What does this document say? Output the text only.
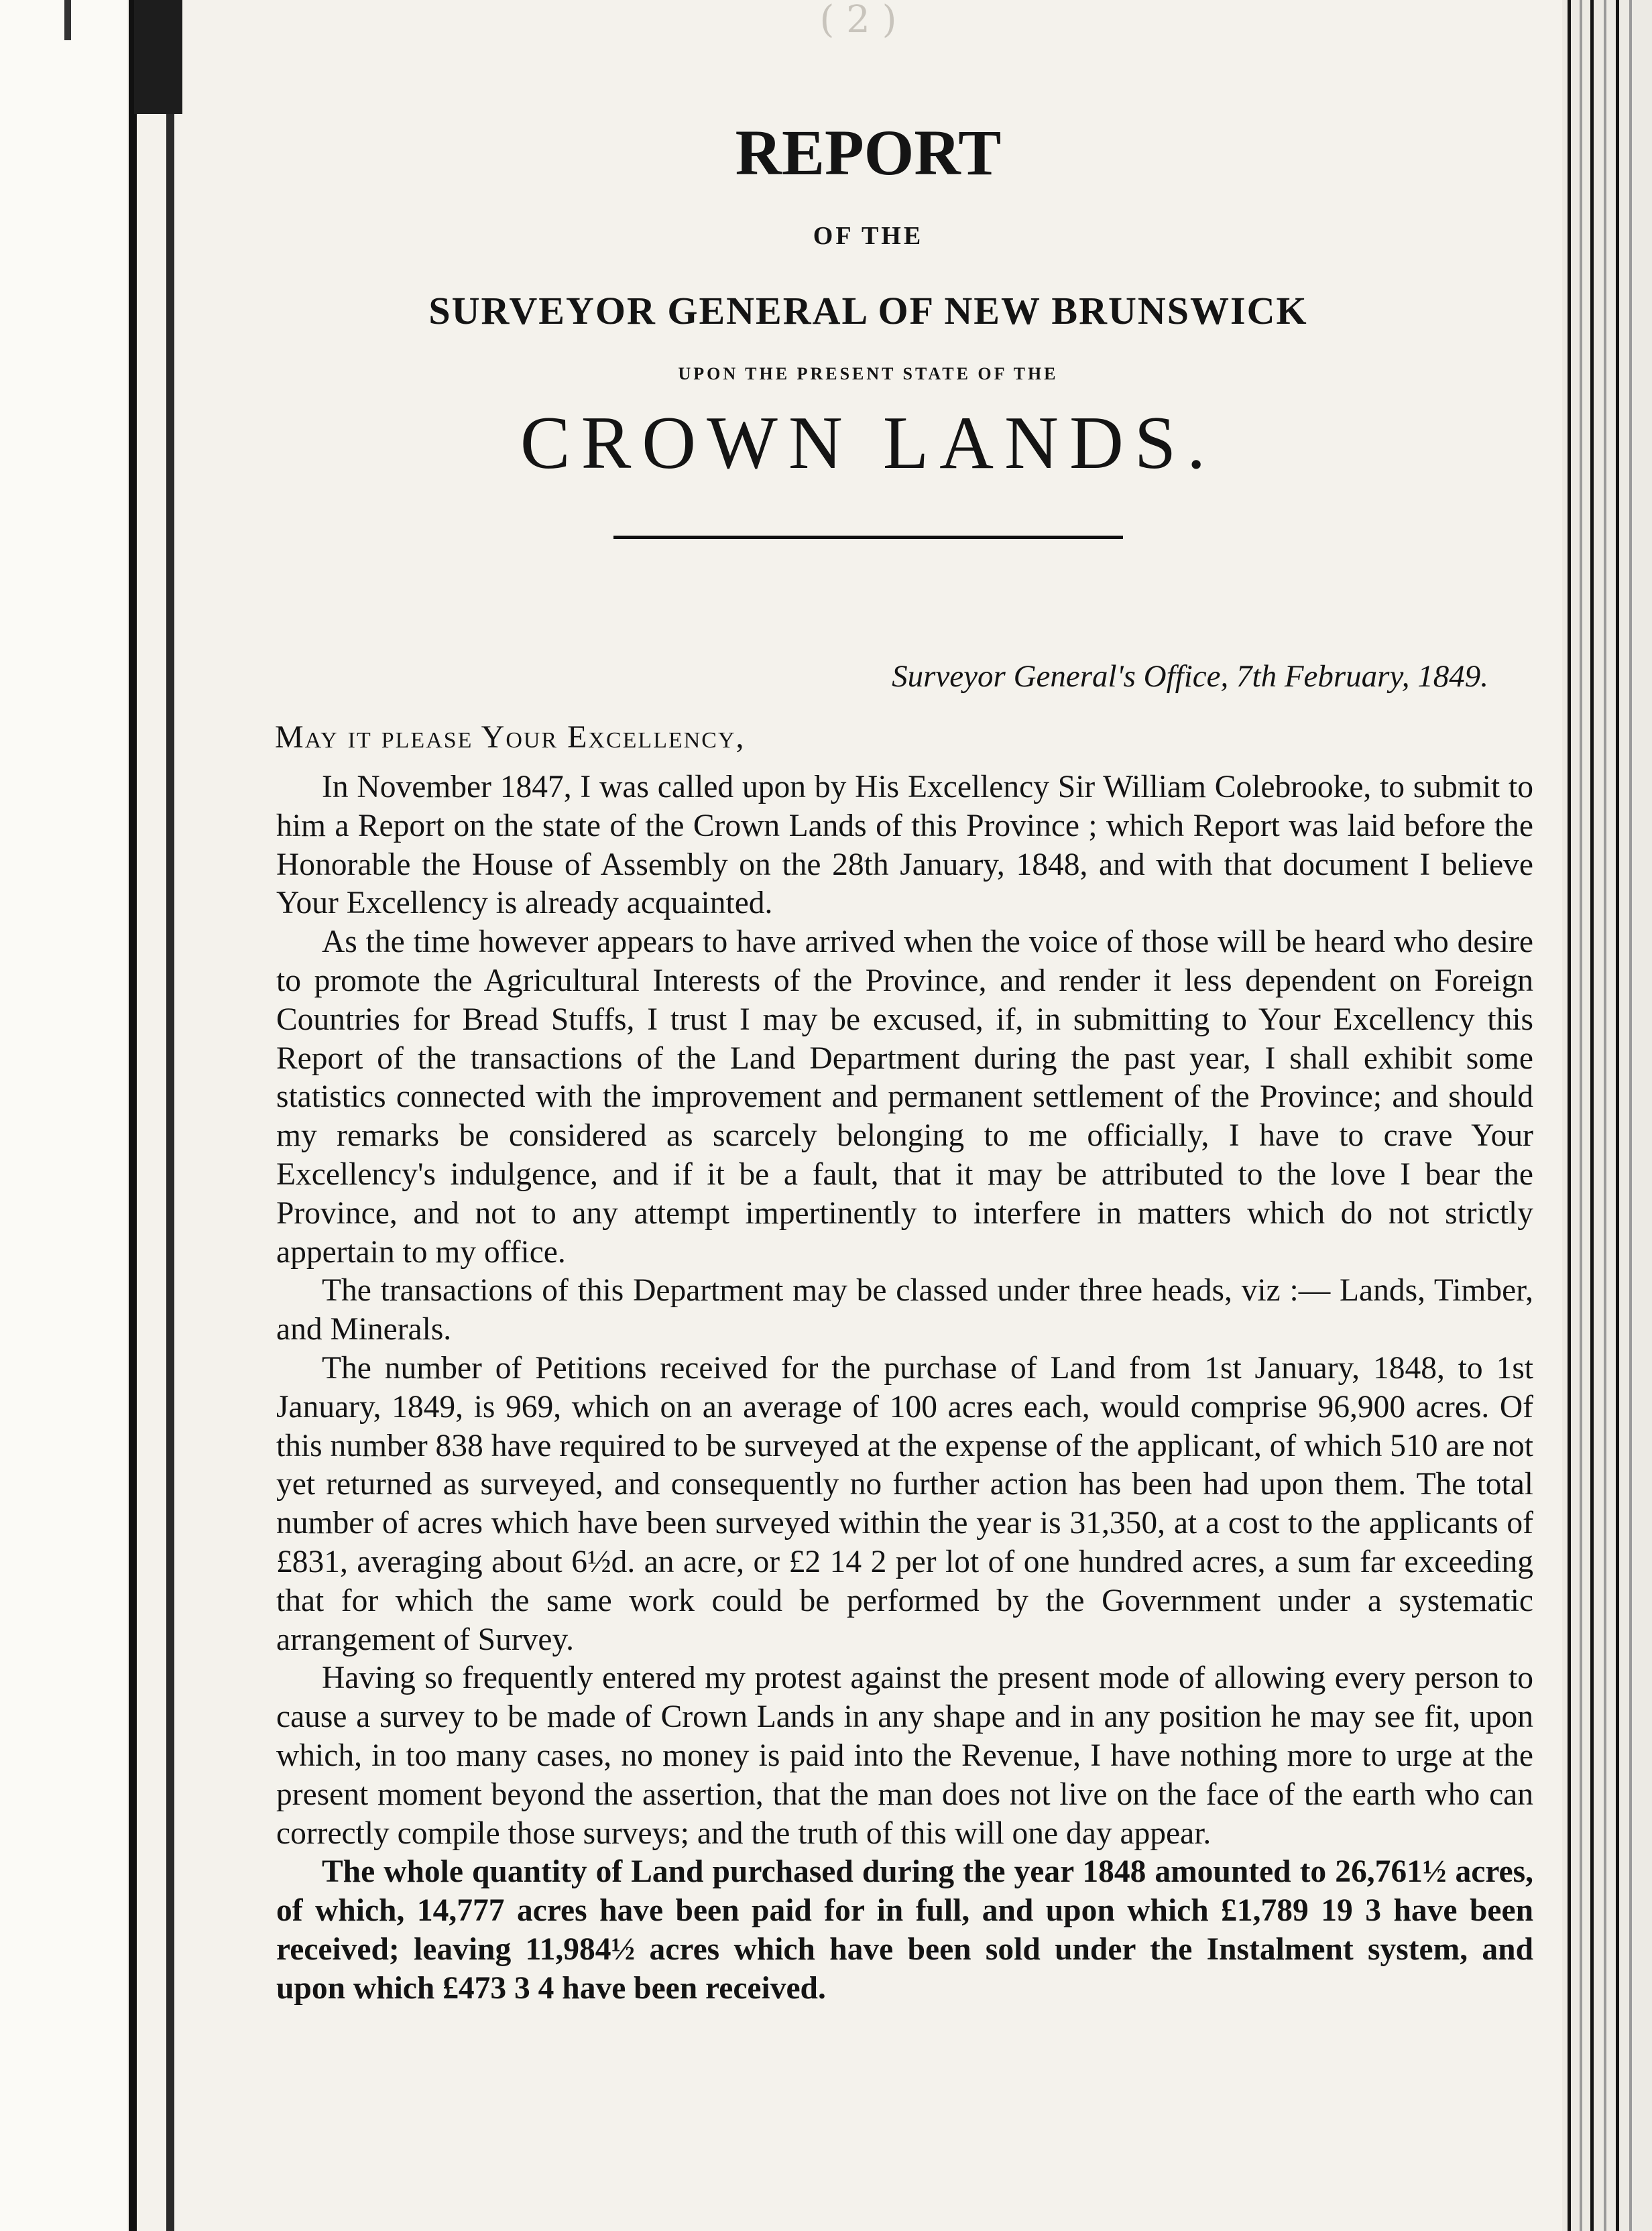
( 2 )
REPORT
OF THE
SURVEYOR GENERAL OF NEW BRUNSWICK
UPON THE PRESENT STATE OF THE
CROWN LANDS.
Surveyor General's Office, 7th February, 1849.
May it please Your Excellency,

In November 1847, I was called upon by His Excellency Sir William Colebrooke, to submit to him a Report on the state of the Crown Lands of this Province ; which Report was laid before the Honorable the House of Assembly on the 28th January, 1848, and with that document I believe Your Excellency is already acquainted.

As the time however appears to have arrived when the voice of those will be heard who desire to promote the Agricultural Interests of the Province, and render it less dependent on Foreign Countries for Bread Stuffs, I trust I may be excused, if, in submitting to Your Excellency this Report of the transactions of the Land Department during the past year, I shall exhibit some statistics connected with the improvement and permanent settlement of the Province; and should my remarks be considered as scarcely belonging to me officially, I have to crave Your Excellency's indulgence, and if it be a fault, that it may be attributed to the love I bear the Province, and not to any attempt impertinently to interfere in matters which do not strictly appertain to my office.

The transactions of this Department may be classed under three heads, viz :— Lands, Timber, and Minerals.

The number of Petitions received for the purchase of Land from 1st January, 1848, to 1st January, 1849, is 969, which on an average of 100 acres each, would comprise 96,900 acres. Of this number 838 have required to be surveyed at the expense of the applicant, of which 510 are not yet returned as surveyed, and consequently no further action has been had upon them. The total number of acres which have been surveyed within the year is 31,350, at a cost to the applicants of £831, averaging about 6½d. an acre, or £2 14 2 per lot of one hundred acres, a sum far exceeding that for which the same work could be performed by the Government under a systematic arrangement of Survey.

Having so frequently entered my protest against the present mode of allowing every person to cause a survey to be made of Crown Lands in any shape and in any position he may see fit, upon which, in too many cases, no money is paid into the Revenue, I have nothing more to urge at the present moment beyond the assertion, that the man does not live on the face of the earth who can correctly compile those surveys; and the truth of this will one day appear.

The whole quantity of Land purchased during the year 1848 amounted to 26,761½ acres, of which, 14,777 acres have been paid for in full, and upon which £1,789 19 3 have been received; leaving 11,984½ acres which have been sold under the Instalment system, and upon which £473 3 4 have been received.
